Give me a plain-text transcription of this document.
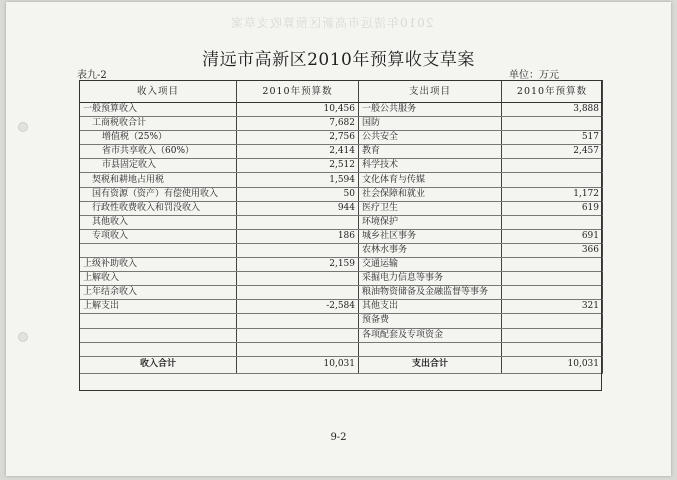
2010年清远市高新区预算收支草案
清远市高新区2010年预算收支草案
表九-2	单位：万元
收入项目	2010年预算数	支出项目	2010年预算数
一般预算收入	10,456	一般公共服务	3,888
工商税收合计	7,682	国防	
增值税（25%）	2,756	公共安全	517
省市共享收入（60%）	2,414	教育	2,457
市县固定收入	2,512	科学技术	
契税和耕地占用税	1,594	文化体育与传媒	
国有资源（资产）有偿使用收入	50	社会保障和就业	1,172
行政性收费收入和罚没收入	944	医疗卫生	619
其他收入		环境保护	
专项收入	186	城乡社区事务	691
		农林水事务	366
上级补助收入	2,159	交通运输	
上解收入		采掘电力信息等事务	
上年结余收入		粮油物资储备及金融监督等事务	
上解支出	-2,584	其他支出	321
		预备费	
		各项配套及专项资金	

收入合计	10,031	支出合计	10,031
9-2
